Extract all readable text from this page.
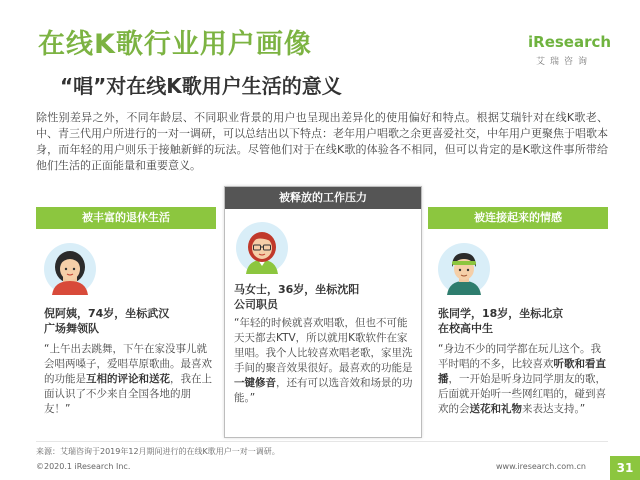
在线K歌行业用户画像
“唱”对在线K歌用户生活的意义
iResearch
艾瑞咨询

除性别差异之外，不同年龄层、不同职业背景的用户也呈现出差异化的使用偏好和特点。根据艾瑞针对在线K歌老、中、青三代用户所进行的一对一调研，可以总结出以下特点：老年用户唱歌之余更喜爱社交，中年用户更聚焦于唱歌本身，而年轻的用户则乐于接触新鲜的玩法。尽管他们对于在线K歌的体验各不相同，但可以肯定的是K歌这件事所带给他们生活的正面能量和重要意义。

被丰富的退休生活
倪阿姨，74岁，坐标武汉
广场舞领队
“上午出去跳舞，下午在家没事儿就会唱两嗓子，爱唱草原歌曲。最喜欢的功能是互相的评论和送花，我在上面认识了不少来自全国各地的朋友！”
被释放的工作压力
马女士，36岁，坐标沈阳
公司职员
“年轻的时候就喜欢唱歌，但也不可能天天都去KTV，所以就用K歌软件在家里唱。我个人比较喜欢唱老歌，家里洗手间的聚音效果很好。最喜欢的功能是一键修音，还有可以选音效和场景的功能。”
被连接起来的情感
张同学，18岁，坐标北京
在校高中生
“身边不少的同学都在玩儿这个。我平时唱的不多，比较喜欢听歌和看直播，一开始是听身边同学朋友的歌，后面就开始听一些网红唱的，碰到喜欢的会送花和礼物来表达支持。”
来源：艾瑞咨询于2019年12月期间进行的在线K歌用户一对一调研。
©2020.1 iResearch Inc.	www.iresearch.com.cn	31
